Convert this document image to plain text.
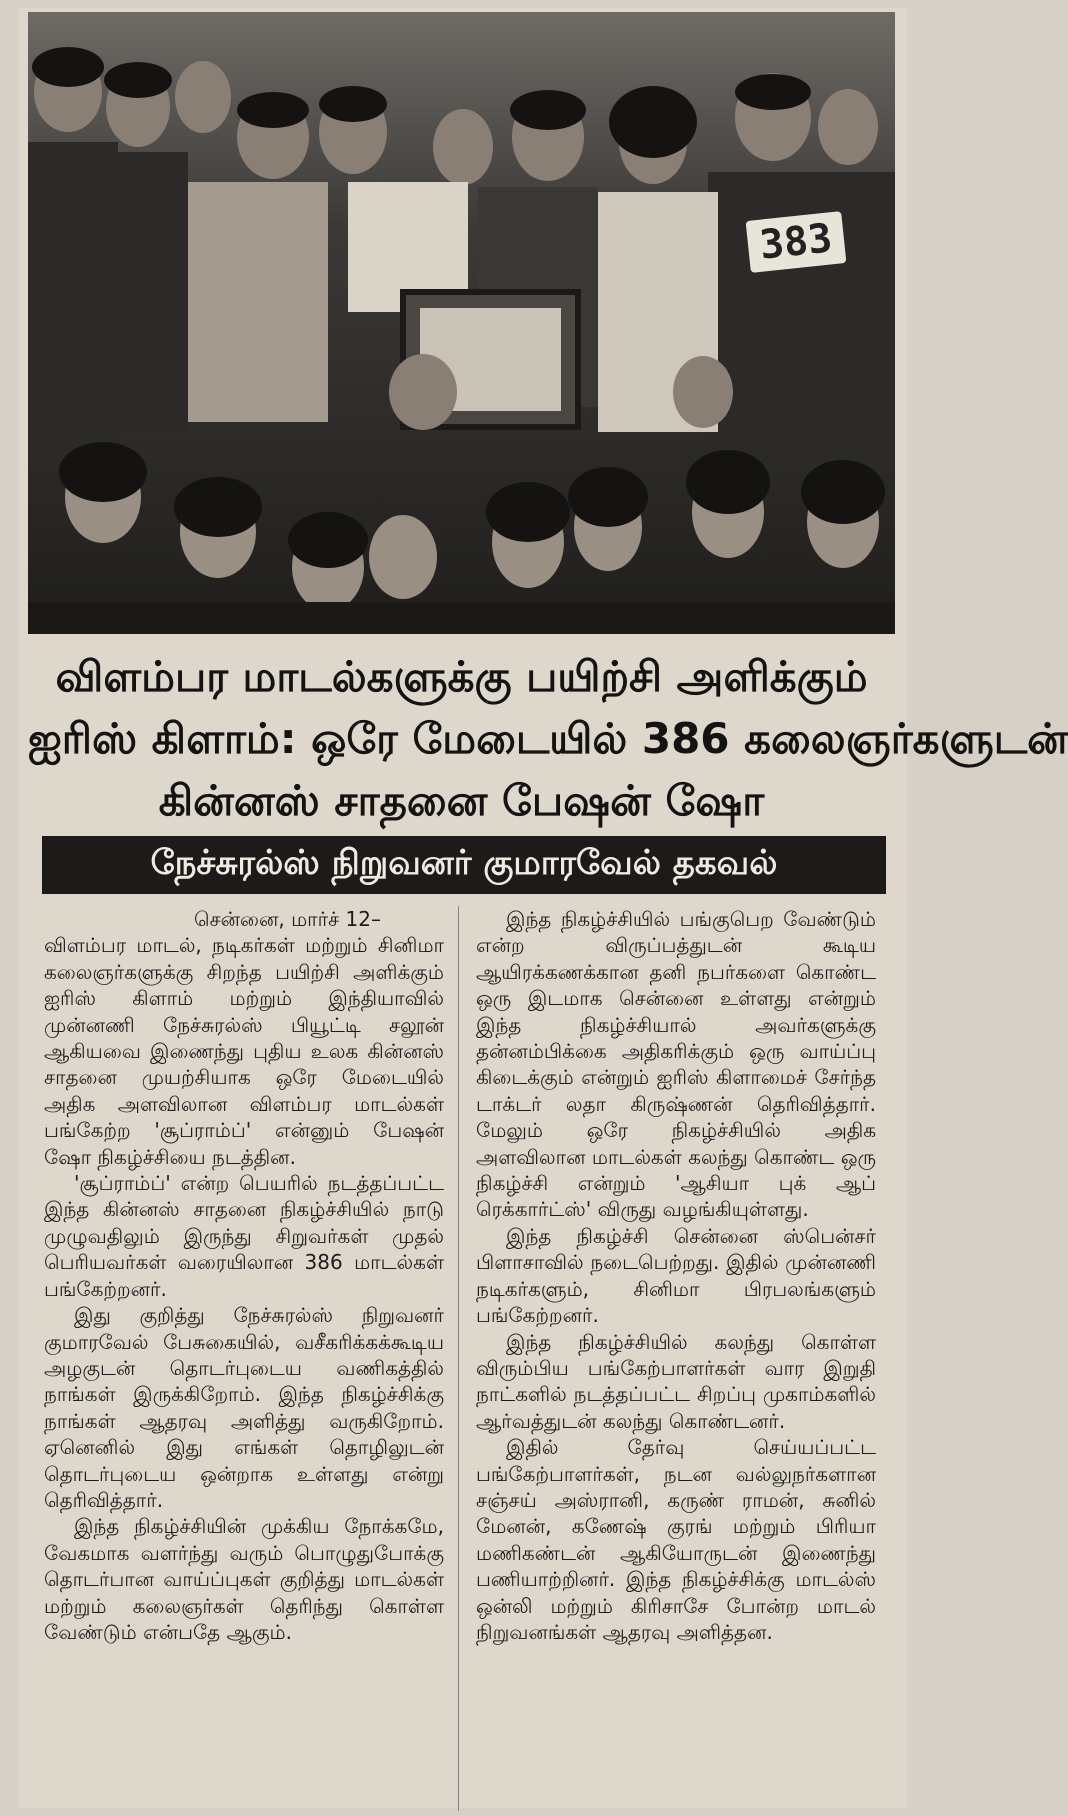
383
விளம்பர மாடல்களுக்கு பயிற்சி அளிக்கும்
ஐரிஸ் கிளாம்: ஒரே மேடையில் 386 கலைஞர்களுடன்
கின்னஸ் சாதனை பேஷன் ஷோ
நேச்சுரல்ஸ் நிறுவனர் குமாரவேல் தகவல்

சென்னை, மார்ச் 12–

விளம்பர மாடல், நடிகர்கள் மற்றும் சினிமா கலைஞர்களுக்கு சிறந்த பயிற்சி அளிக்கும் ஐரிஸ் கிளாம் மற்றும் இந்தியாவில் முன்னணி நேச்சுரல்ஸ் பியூட்டி சலூன் ஆகியவை இணைந்து புதிய உலக கின்னஸ் சாதனை முயற்சியாக ஒரே மேடையில் அதிக அளவிலான விளம்பர மாடல்கள் பங்கேற்ற 'சூப்ராம்ப்' என்னும் பேஷன் ஷோ நிகழ்ச்சியை நடத்தின.

'சூப்ராம்ப்' என்ற பெயரில் நடத்தப்பட்ட இந்த கின்னஸ் சாதனை நிகழ்ச்சியில் நாடு முழுவதிலும் இருந்து சிறுவர்கள் முதல் பெரியவர்கள் வரையிலான 386 மாடல்கள் பங்கேற்றனர்.

இது குறித்து நேச்சுரல்ஸ் நிறுவனர் குமாரவேல் பேசுகையில், வசீகரிக்கக்கூடிய அழகுடன் தொடர்புடைய வணிகத்தில் நாங்கள் இருக்கிறோம். இந்த நிகழ்ச்சிக்கு நாங்கள் ஆதரவு அளித்து வருகிறோம். ஏனெனில் இது எங்கள் தொழிலுடன் தொடர்புடைய ஒன்றாக உள்ளது என்று தெரிவித்தார்.

இந்த நிகழ்ச்சியின் முக்கிய நோக்கமே, வேகமாக வளர்ந்து வரும் பொழுதுபோக்கு தொடர்பான வாய்ப்புகள் குறித்து மாடல்கள் மற்றும் கலைஞர்கள் தெரிந்து கொள்ள வேண்டும் என்பதே ஆகும்.

இந்த நிகழ்ச்சியில் பங்குபெற வேண்டும் என்ற விருப்பத்துடன் கூடிய ஆயிரக்கணக்கான தனி நபர்களை கொண்ட ஒரு இடமாக சென்னை உள்ளது என்றும் இந்த நிகழ்ச்சியால் அவர்களுக்கு தன்னம்பிக்கை அதிகரிக்கும் ஒரு வாய்ப்பு கிடைக்கும் என்றும் ஐரிஸ் கிளாமைச் சேர்ந்த டாக்டர் லதா கிருஷ்ணன் தெரிவித்தார். மேலும் ஒரே நிகழ்ச்சியில் அதிக அளவிலான மாடல்கள் கலந்து கொண்ட ஒரு நிகழ்ச்சி என்றும் 'ஆசியா புக் ஆப் ரெக்கார்ட்ஸ்' விருது வழங்கியுள்ளது.

இந்த நிகழ்ச்சி சென்னை ஸ்பென்சர் பிளாசாவில் நடைபெற்றது. இதில் முன்னணி நடிகர்களும், சினிமா பிரபலங்களும் பங்கேற்றனர்.

இந்த நிகழ்ச்சியில் கலந்து கொள்ள விரும்பிய பங்கேற்பாளர்கள் வார இறுதி நாட்களில் நடத்தப்பட்ட சிறப்பு முகாம்களில் ஆர்வத்துடன் கலந்து கொண்டனர்.

இதில் தேர்வு செய்யப்பட்ட பங்கேற்பாளர்கள், நடன வல்லுநர்களான சஞ்சய் அஸ்ரானி, கருண் ராமன், சுனில் மேனன், கணேஷ் குரங் மற்றும் பிரியா மணிகண்டன் ஆகியோருடன் இணைந்து பணியாற்றினர். இந்த நிகழ்ச்சிக்கு மாடல்ஸ் ஒன்லி மற்றும் கிரிசாசே போன்ற மாடல் நிறுவனங்கள் ஆதரவு அளித்தன.
